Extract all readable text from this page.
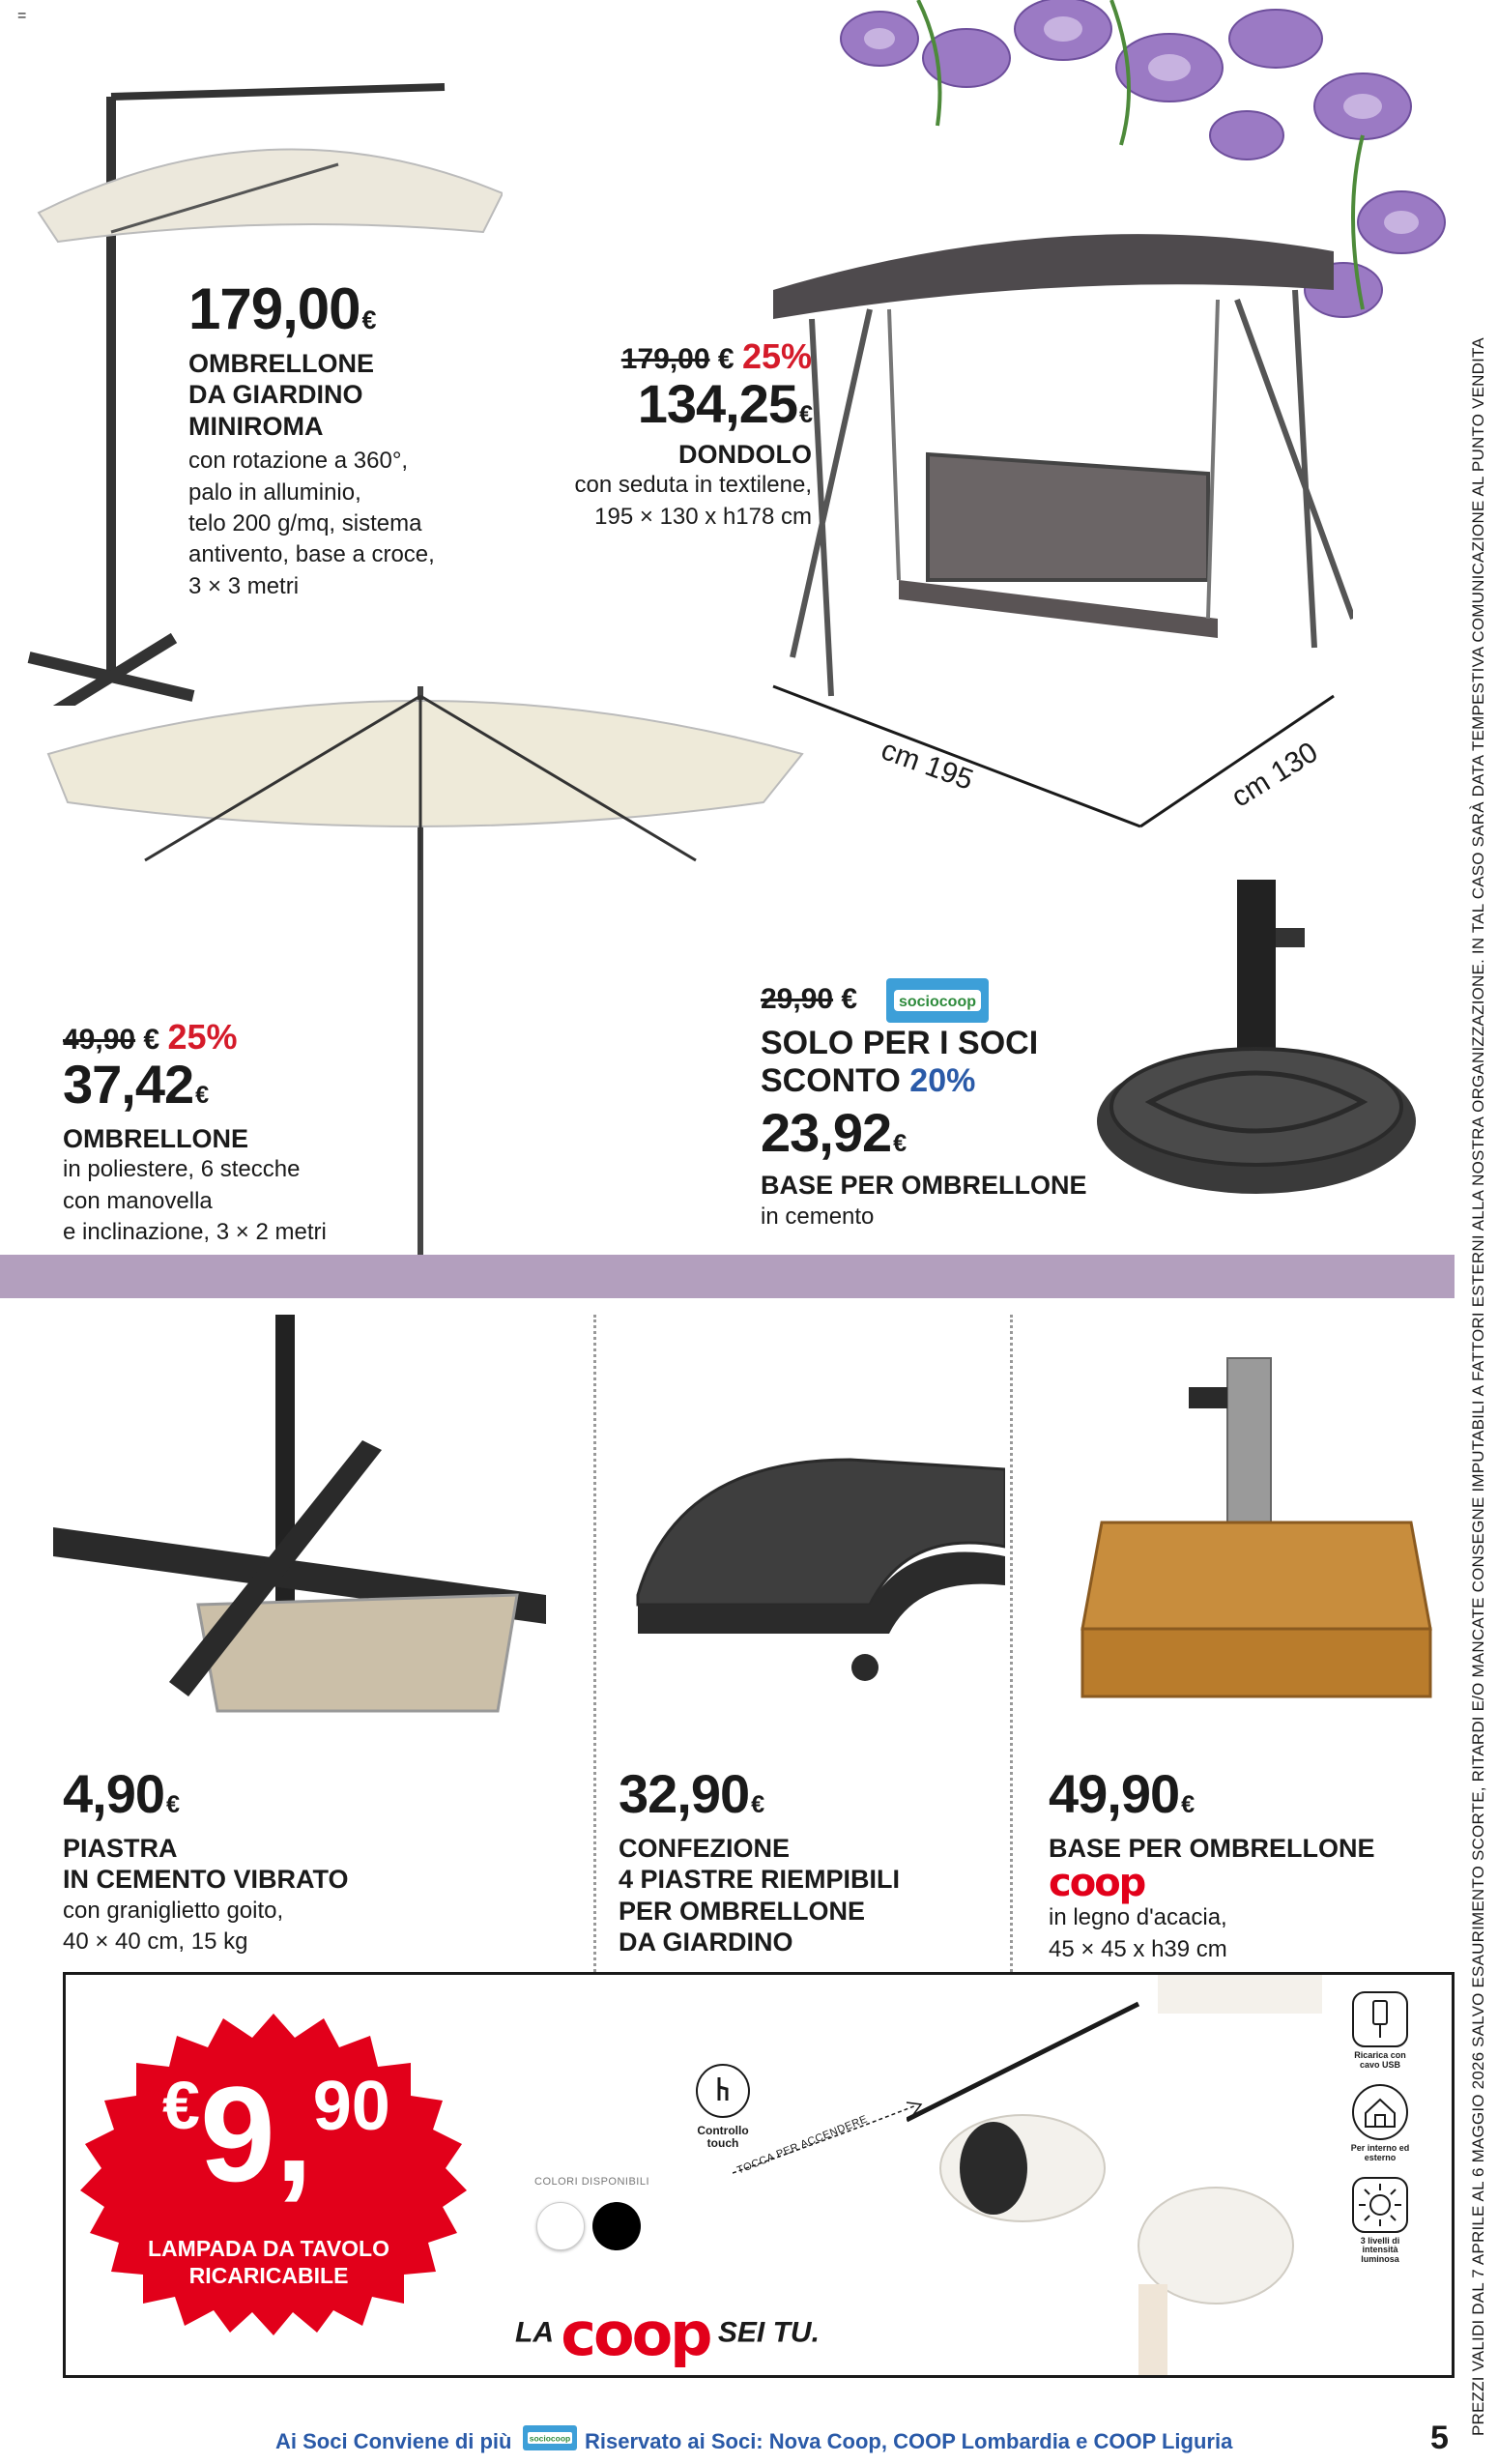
=
179,00€
OMBRELLONE
DA GIARDINO
MINIROMA
con rotazione a 360°,
palo in alluminio,
telo 200 g/mq, sistema
antivento, base a croce,
3 × 3 metri
cm 195	cm 130
179,00 € 25%
134,25€
DONDOLO
con seduta in textilene,
195 × 130 x h178 cm
49,90 € 25%
37,42€
OMBRELLONE
in poliestere, 6 stecche
con manovella
e inclinazione, 3 × 2 metri
29,90 €	sociocoop
SOLO PER I SOCI
SCONTO 20%
23,92€
BASE PER OMBRELLONE
in cemento
4,90€
PIASTRA
IN CEMENTO VIBRATO
con graniglietto goito,
40 × 40 cm, 15 kg
32,90€
CONFEZIONE
4 PIASTRE RIEMPIBILI
PER OMBRELLONE
DA GIARDINO
49,90€
BASE PER OMBRELLONE
coop
in legno d'acacia,
45 × 45 x h39 cm
€9,90
LAMPADA DA TAVOLO
RICARICABILE
Controllo
touch
COLORI DISPONIBILI
TOCCA PER ACCENDERE
Ricarica con
cavo USB
Per interno ed
esterno
3 livelli di
intensità
luminosa
LA coop SEI TU.	PREZZI VALIDI DAL 7 APRILE AL 6 MAGGIO 2026 SALVO ESAURIMENTO SCORTE, RITARDI E/O MANCATE CONSEGNE IMPUTABILI A FATTORI ESTERNI ALLA NOSTRA ORGANIZZAZIONE. IN TAL CASO SARÀ DATA TEMPESTIVA COMUNICAZIONE AL PUNTO VENDITA
Ai Soci Conviene di più sociocoop Riservato ai Soci: Nova Coop, COOP Lombardia e COOP Liguria	5
